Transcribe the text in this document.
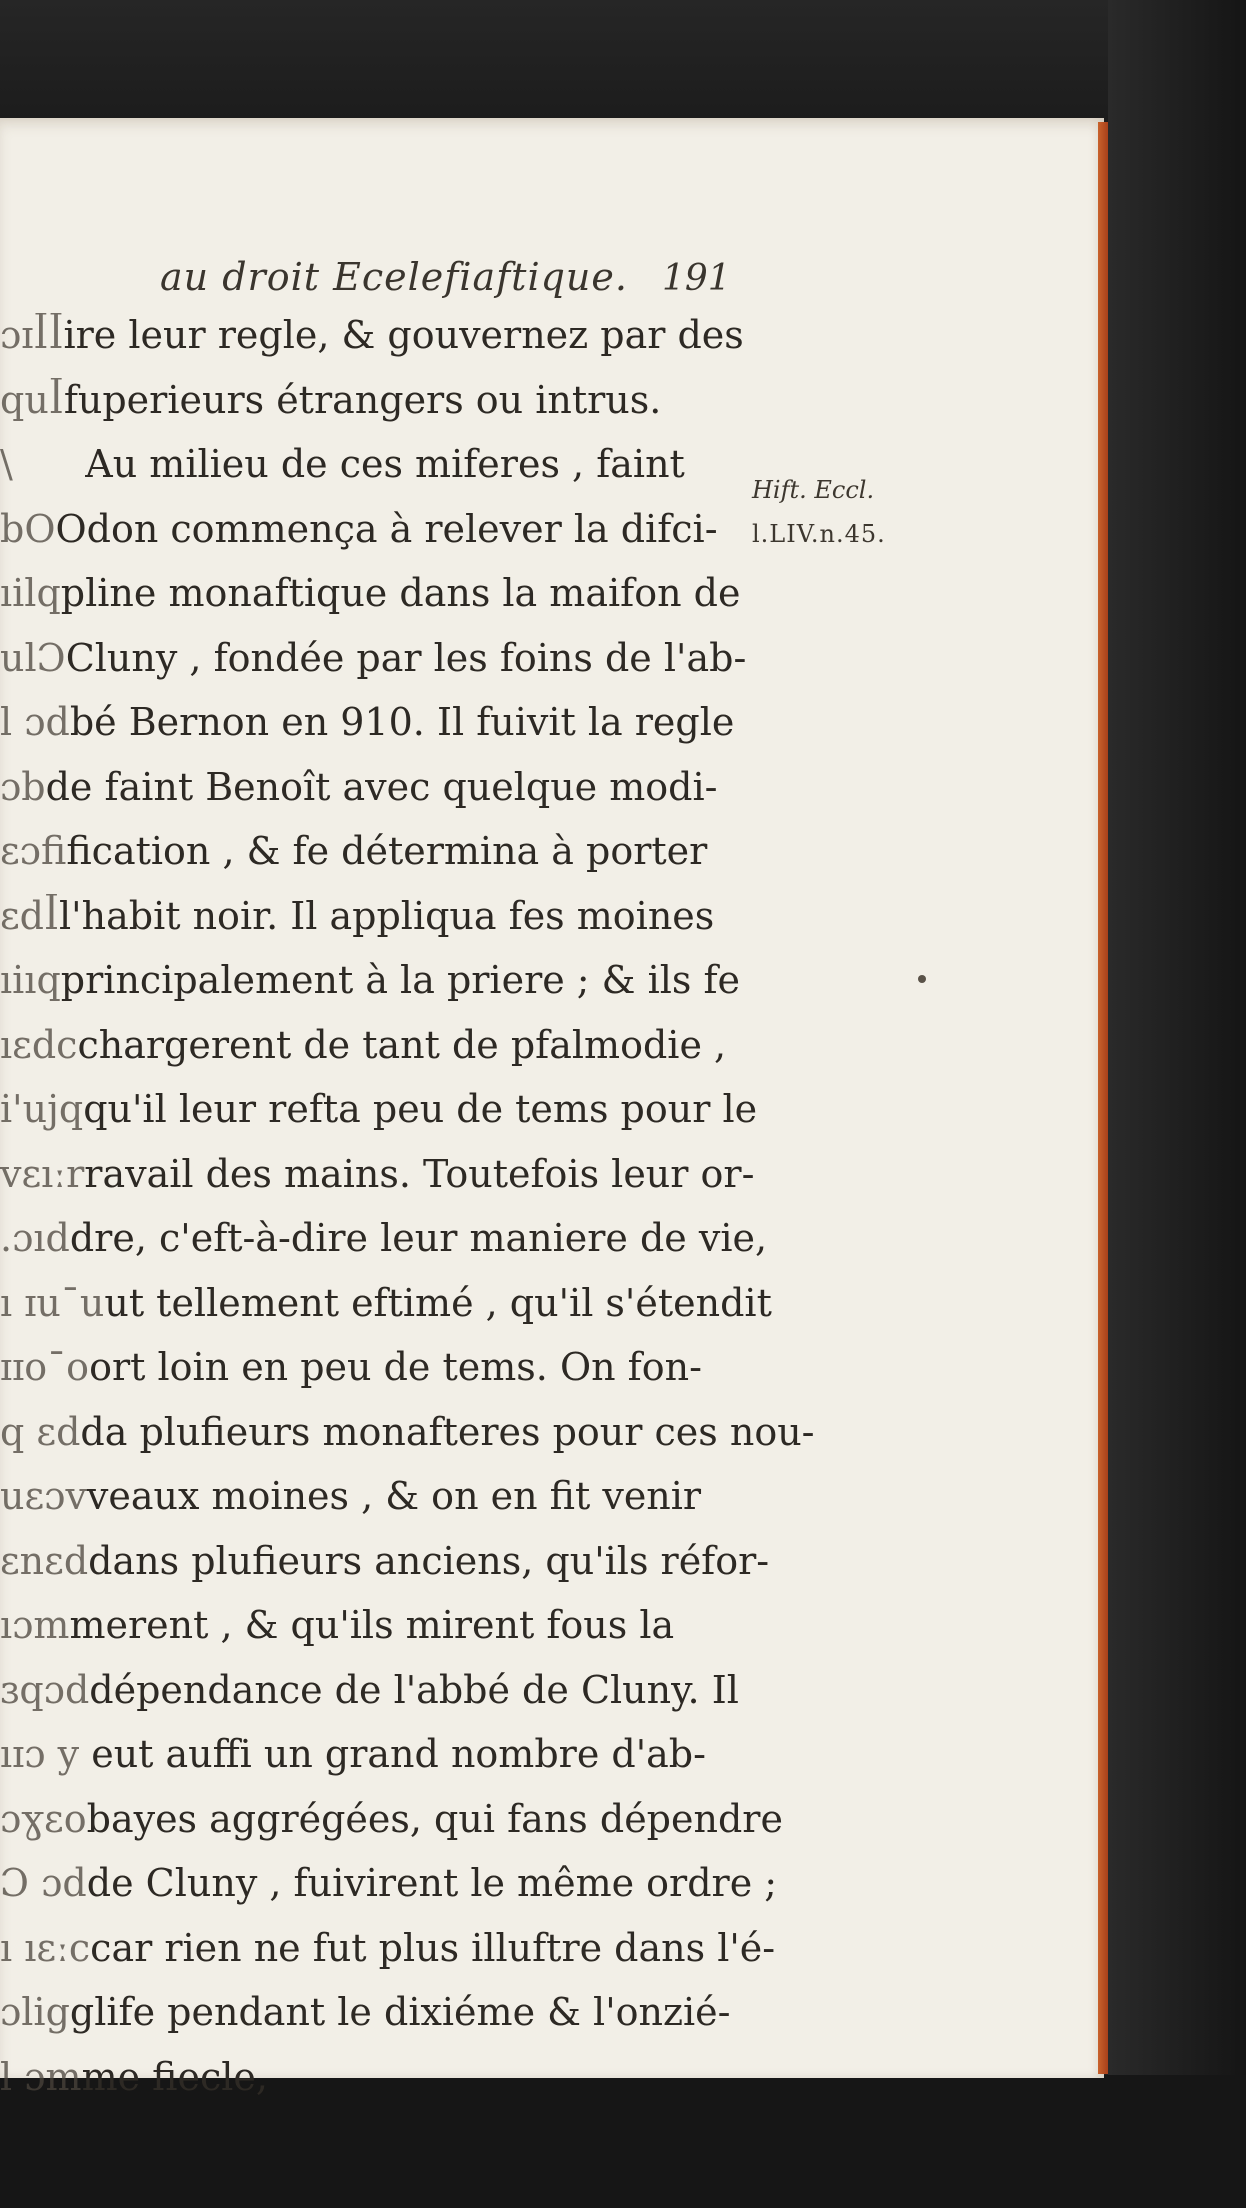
au droit Ecelefiaftique. 191
ɔɪꟾꟾire leur regle, & gouvernez par des
quꟾfuperieurs étrangers ou intrus.
\      Au milieu de ces miferes , faint
bOOdon commença à relever la difci-
ıilqpline monaftique dans la maifon de
ulƆCluny , fondée par les foins de l'ab-
l ɔdbé Bernon en 910. Il fuivit la regle
ɔbde faint Benoît avec quelque modi-
ɛɔfification , & fe détermina à porter
ɛdꟾl'habit noir. Il appliqua fes moines
ıiıqprincipalement à la priere ; & ils fe
ıɛdcchargerent de tant de pfalmodie ,
i'ujqqu'il leur refta peu de tems pour le
vɛıːrravail des mains. Toutefois leur or-
.ɔıddre, c'eft-à-dire leur maniere de vie,
ı ɪuˉuut tellement eftimé , qu'il s'étendit
ɪɪoˉoort loin en peu de tems. On fon-
q ɛdda plufieurs monafteres pour ces nou-
uɛɔvveaux moines , & on en fit venir
ɛnɛddans plufieurs anciens, qu'ils réfor-
ıɔmmerent , & qu'ils mirent fous la
ɜqɔddépendance de l'abbé de Cluny. Il
ıɪɔ y eut auffi un grand nombre d'ab-
ɔɣɛobayes aggrégées, qui fans dépendre
Ɔ ɔdde Cluny , fuivirent le même ordre ;
ı ıɛːccar rien ne fut plus illuftre dans l'é-
ɔligglife pendant le dixiéme & l'onzié-
l ɔmme fiecle,
Hift. Eccl.
l.LIV.n.45.
